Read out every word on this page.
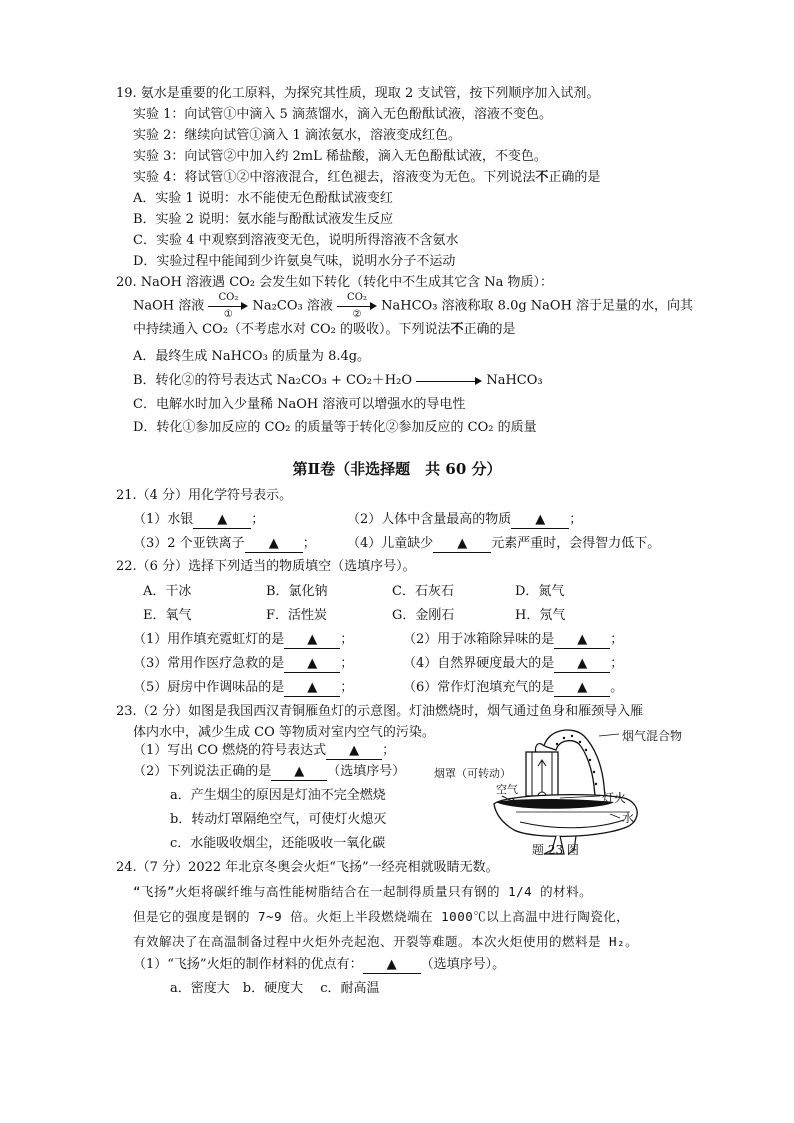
19. 氨水是重要的化工原料，为探究其性质，现取 2 支试管，按下列顺序加入试剂。
实验 1：向试管①中滴入 5 滴蒸馏水，滴入无色酚酞试液，溶液不变色。
实验 2：继续向试管①滴入 1 滴浓氨水，溶液变成红色。
实验 3：向试管②中加入约 2mL 稀盐酸，滴入无色酚酞试液，不变色。
实验 4：将试管①②中溶液混合，红色褪去，溶液变为无色。下列说法不正确的是
A．实验 1 说明：水不能使无色酚酞试液变红
B．实验 2 说明：氨水能与酚酞试液发生反应
C．实验 4 中观察到溶液变无色，说明所得溶液不含氨水
D．实验过程中能闻到少许氨臭气味，说明水分子不运动
20. NaOH 溶液遇 CO₂ 会发生如下转化（转化中不生成其它含 Na 物质）：
NaOH 溶液
CO₂
①
Na₂CO₃ 溶液
CO₂
②
NaHCO₃ 溶液称取 8.0g NaOH 溶于足量的水，向其
中持续通入 CO₂（不考虑水对 CO₂ 的吸收）。下列说法不正确的是
A．最终生成 NaHCO₃ 的质量为 8.4g。
B．转化②的符号表达式 Na₂CO₃ + CO₂＋H₂O	NaHCO₃
C．电解水时加入少量稀 NaOH 溶液可以增强水的导电性
D．转化①参加反应的 CO₂ 的质量等于转化②参加反应的 CO₂ 的质量
第Ⅱ卷（非选择题　共 60 分）
21.（4 分）用化学符号表示。
（1）水银 ▲ ；	（2）人体中含量最高的物质 ▲ ；
（3）2 个亚铁离子 ▲ ； （4）儿童缺少 ▲ 元素严重时，会得智力低下。
22.（6 分）选择下列适当的物质填空（选填序号）。
A．干冰	B．氯化钠	C．石灰石	D．氮气
E．氧气	F．活性炭	G．金刚石	H．氖气
（1）用作填充霓虹灯的是 ▲ ；	（2）用于冰箱除异味的是 ▲ ；
（3）常用作医疗急救的是 ▲ ；	（4）自然界硬度最大的是 ▲ ；
（5）厨房中作调味品的是 ▲ ；	（6）常作灯泡填充气的是 ▲ 。
23.（2 分）如图是我国西汉青铜雁鱼灯的示意图。灯油燃烧时，烟气通过鱼身和雁颈导入雁
体内水中，减少生成 CO 等物质对室内空气的污染。
（1）写出 CO 燃烧的符号表达式 ▲ ；
（2）下列说法正确的是 ▲ （选填序号）
a．产生烟尘的原因是灯油不完全燃烧
b．转动灯罩隔绝空气，可使灯火熄灭
c．水能吸收烟尘，还能吸收一氧化碳
烟气混合物
烟罩（可转动）
空气
灯火
水
题 23 图
24.（7 分）2022 年北京冬奥会火炬“飞扬”一经亮相就吸睛无数。
“飞扬”火炬将碳纤维与高性能树脂结合在一起制得质量只有钢的 1/4 的材料。
但是它的强度是钢的 7~9 倍。火炬上半段燃烧端在 1000℃以上高温中进行陶瓷化，
有效解决了在高温制备过程中火炬外壳起泡、开裂等难题。本次火炬使用的燃料是 H₂。
（1）“飞扬”火炬的制作材料的优点有： ▲ （选填序号）。
a．密度大　b．硬度大　 c．耐高温
